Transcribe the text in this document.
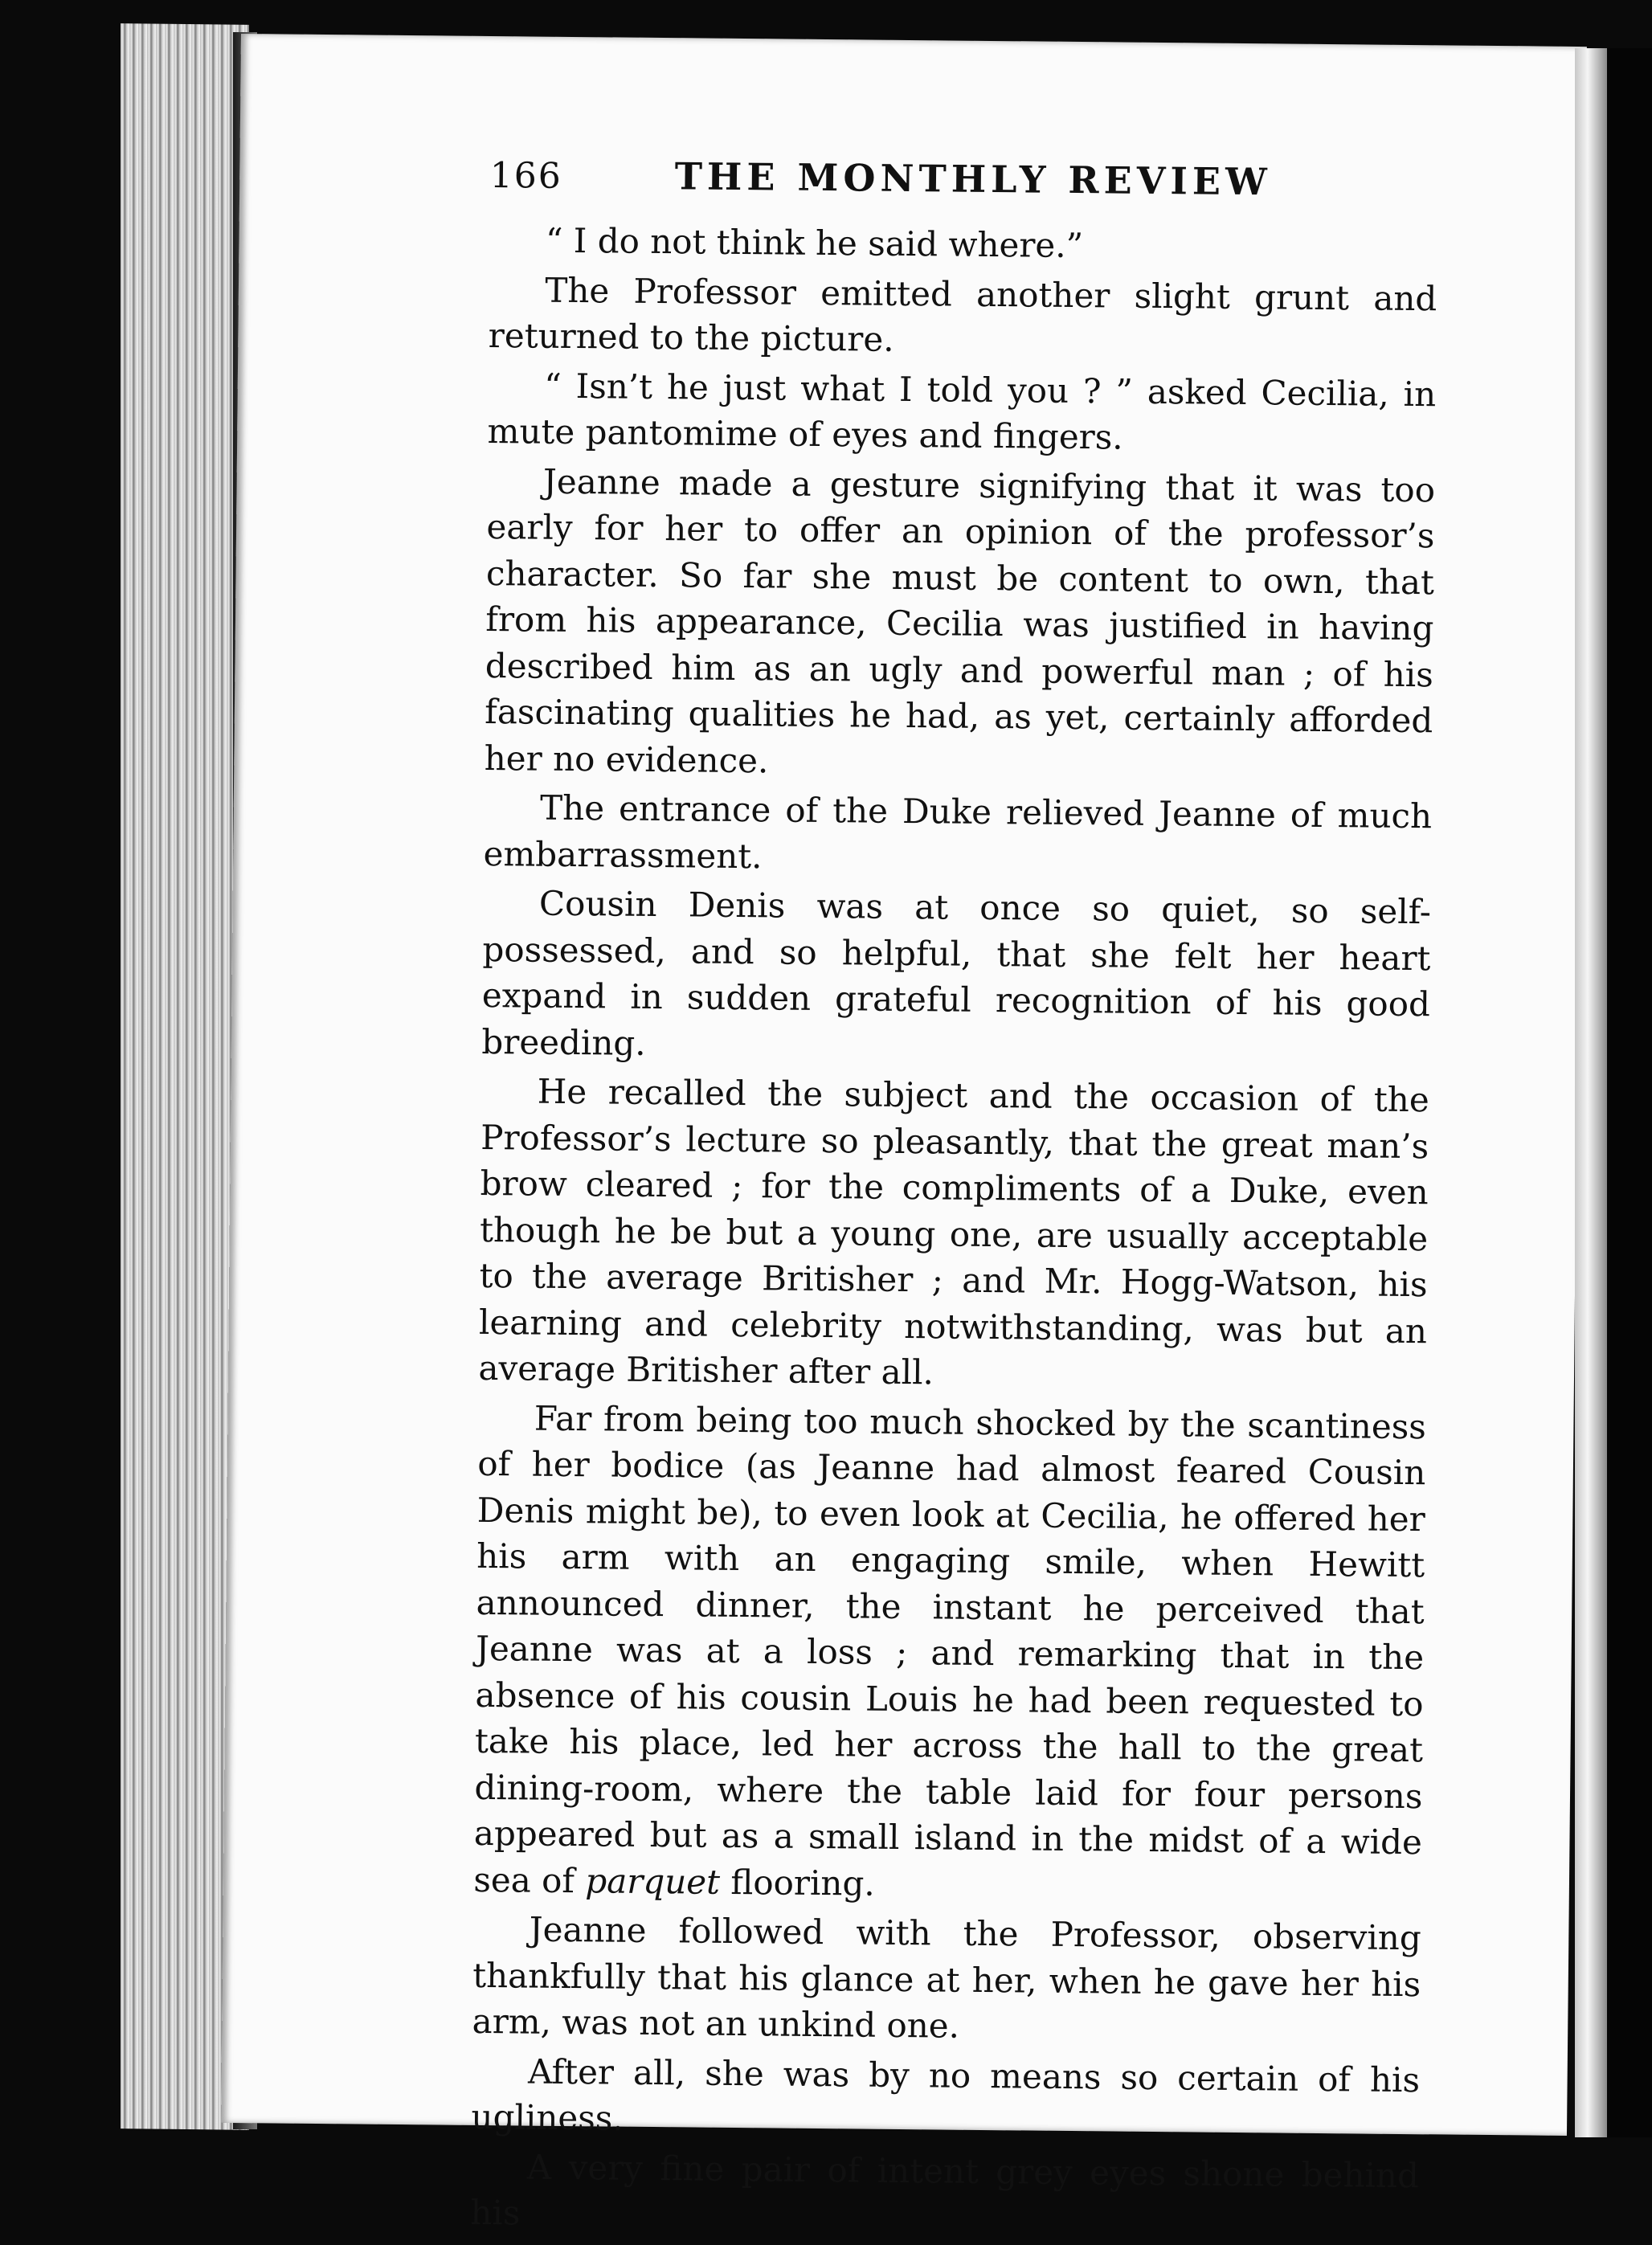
166	THE MONTHLY REVIEW

“ I do not think he said where.”

The Professor emitted another slight grunt and returned to the picture.

“ Isn’t he just what I told you ? ” asked Cecilia, in mute pantomime of eyes and fingers.

Jeanne made a gesture signifying that it was too early for her to offer an opinion of the professor’s character. So far she must be content to own, that from his appearance, Cecilia was justified in having described him as an ugly and powerful man ; of his fascinating qualities he had, as yet, certainly afforded her no evidence.

The entrance of the Duke relieved Jeanne of much embarrassment.

Cousin Denis was at once so quiet, so self-possessed, and so helpful, that she felt her heart expand in sudden grateful recognition of his good breeding.

He recalled the subject and the occasion of the Professor’s lecture so pleasantly, that the great man’s brow cleared ; for the compliments of a Duke, even though he be but a young one, are usually acceptable to the average Britisher ; and Mr. Hogg-Watson, his learning and celebrity notwithstanding, was but an average Britisher after all.

Far from being too much shocked by the scantiness of her bodice (as Jeanne had almost feared Cousin Denis might be), to even look at Cecilia, he offered her his arm with an engaging smile, when Hewitt announced dinner, the instant he perceived that Jeanne was at a loss ; and remarking that in the absence of his cousin Louis he had been requested to take his place, led her across the hall to the great dining-room, where the table laid for four persons appeared but as a small island in the midst of a wide sea of parquet flooring.

Jeanne followed with the Professor, observing thankfully that his glance at her, when he gave her his arm, was not an unkind one.

After all, she was by no means so certain of his ugliness.

A very fine pair of intent grey eyes shone behind his
